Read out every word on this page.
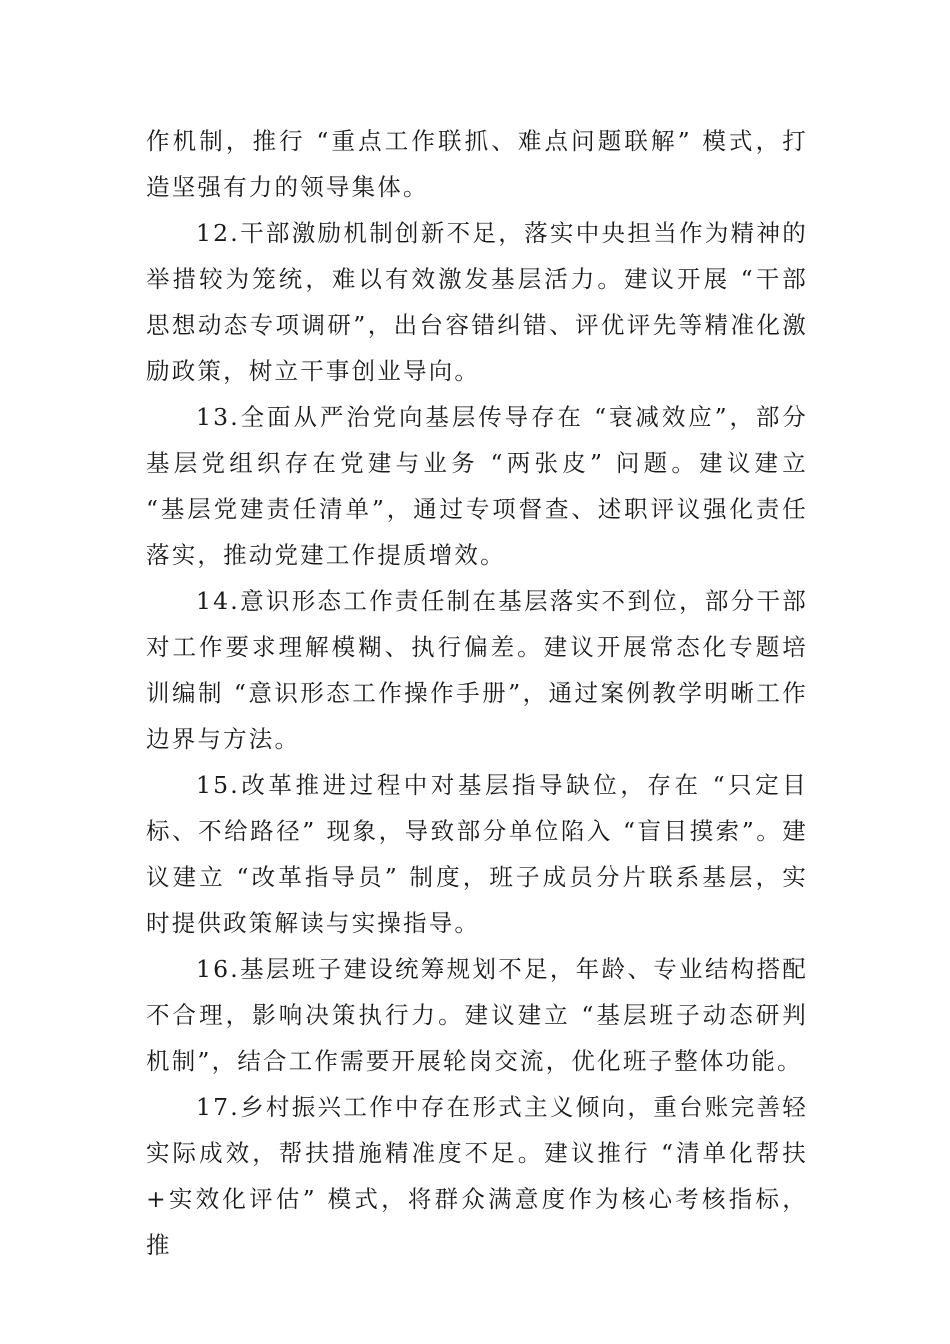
作机制，推行 “重点工作联抓、难点问题联解” 模式，打造坚强有力的领导集体。

12.干部激励机制创新不足，落实中央担当作为精神的举措较为笼统，难以有效激发基层活力。建议开展 “干部思想动态专项调研”，出台容错纠错、评优评先等精准化激励政策，树立干事创业导向。

13.全面从严治党向基层传导存在 “衰减效应”，部分基层党组织存在党建与业务 “两张皮” 问题。建议建立 “基层党建责任清单”，通过专项督查、述职评议强化责任落实，推动党建工作提质增效。

14.意识形态工作责任制在基层落实不到位，部分干部对工作要求理解模糊、执行偏差。建议开展常态化专题培训编制 “意识形态工作操作手册”，通过案例教学明晰工作边界与方法。

15.改革推进过程中对基层指导缺位，存在 “只定目标、不给路径” 现象，导致部分单位陷入 “盲目摸索”。建议建立 “改革指导员” 制度，班子成员分片联系基层，实时提供政策解读与实操指导。

16.基层班子建设统筹规划不足，年龄、专业结构搭配不合理，影响决策执行力。建议建立 “基层班子动态研判机制”，结合工作需要开展轮岗交流，优化班子整体功能。

17.乡村振兴工作中存在形式主义倾向，重台账完善轻实际成效，帮扶措施精准度不足。建议推行 “清单化帮扶+实效化评估” 模式，将群众满意度作为核心考核指标，推
